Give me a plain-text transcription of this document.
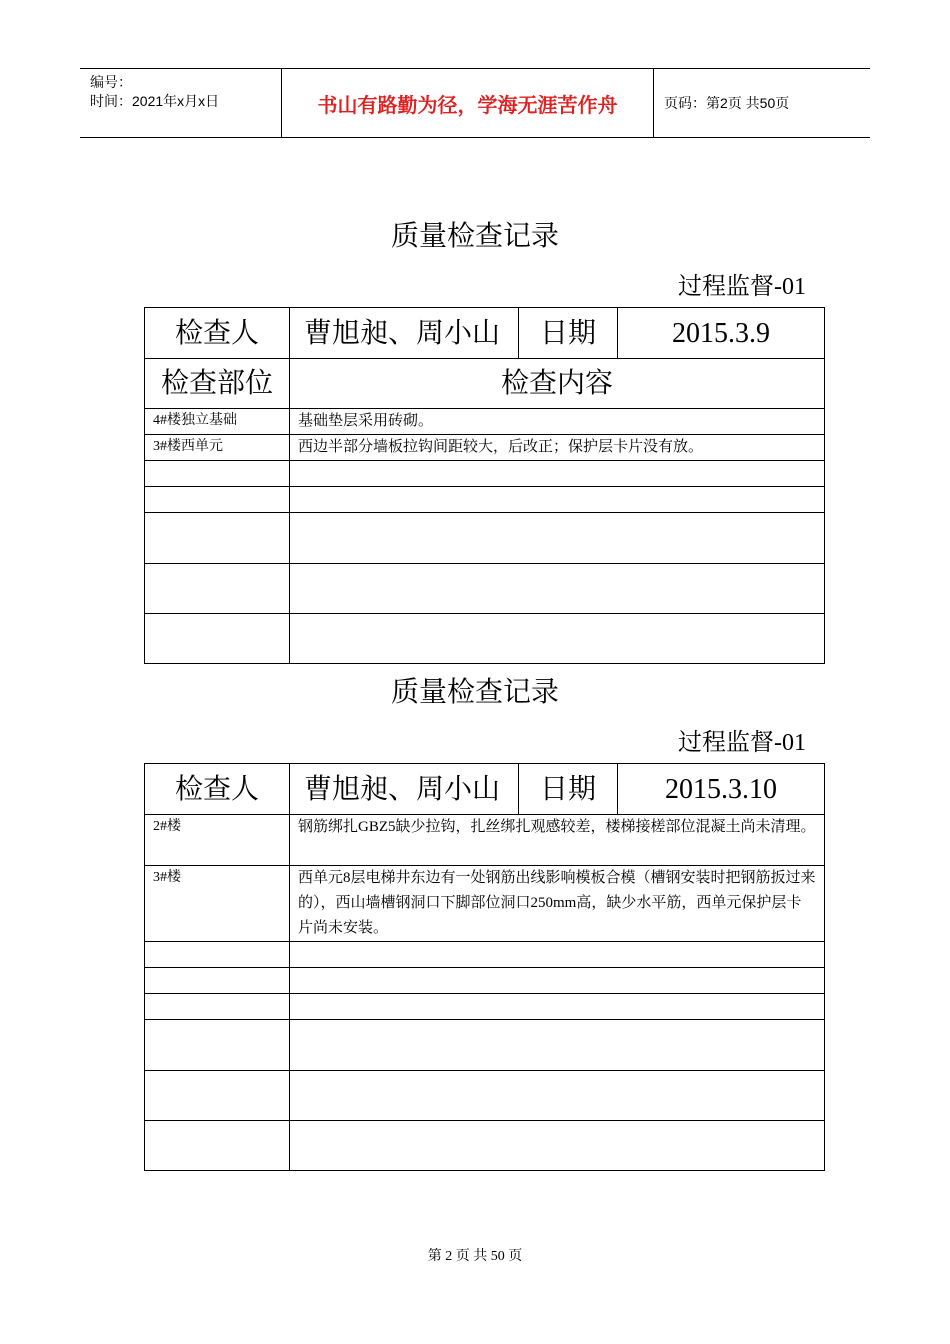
编号：
时间：2021年x月x日	书山有路勤为径，学海无涯苦作舟	页码：第2页 共50页
质量检查记录
过程监督-01
检查人	曹旭昶、周小山	日期	2015.3.9
检查部位	检查内容		
4#楼独立基础	基础垫层采用砖砌。		
3#楼西单元	西边半部分墙板拉钩间距较大，后改正；保护层卡片没有放。		

质量检查记录
过程监督-01
检查人	曹旭昶、周小山	日期	2015.3.10
2#楼	钢筋绑扎GBZ5缺少拉钩，扎丝绑扎观感较差，楼梯接槎部位混凝土尚未清理。		
3#楼	西单元8层电梯井东边有一处钢筋出线影响模板合模（槽钢安装时把钢筋扳过来的），西山墙槽钢洞口下脚部位洞口250mm高，缺少水平筋，西单元保护层卡片尚未安装。		

第 2 页 共 50 页
